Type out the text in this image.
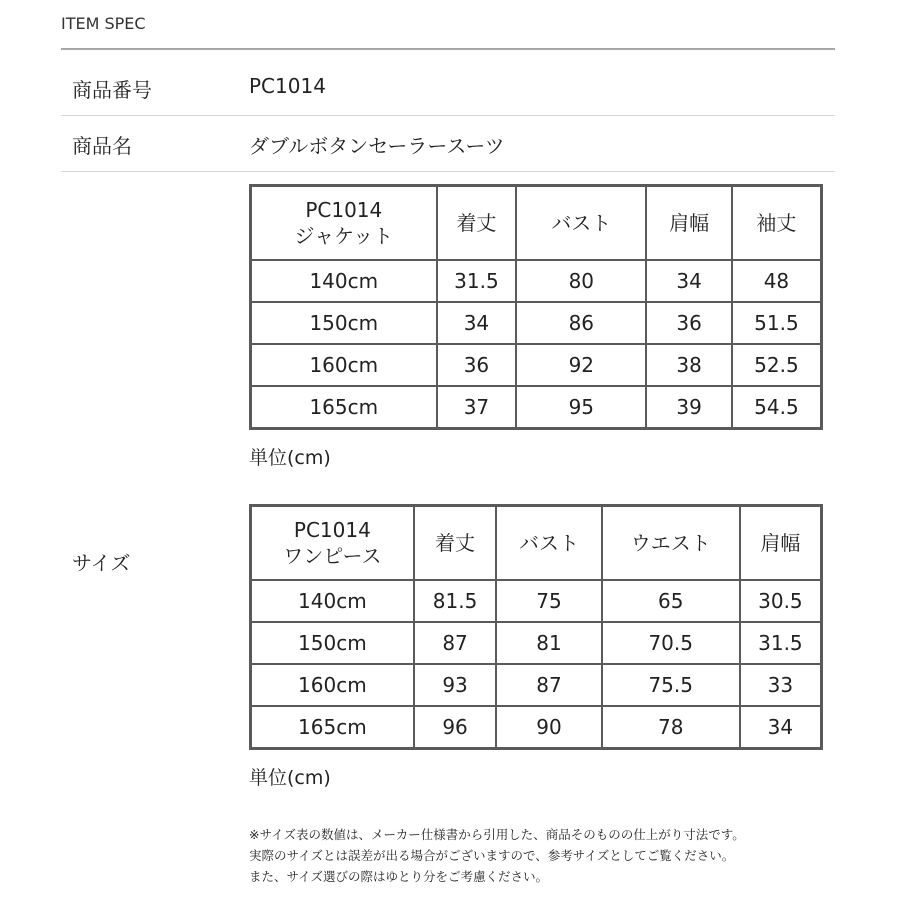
ITEM SPEC
商品番号	PC1014
商品名	ダブルボタンセーラースーツ
サイズ
PC1014
ジャケット	着丈	バスト	肩幅	袖丈
140cm	31.5	80	34	48
150cm	34	86	36	51.5
160cm	36	92	38	52.5
165cm	37	95	39	54.5
単位(cm)
PC1014
ワンピース	着丈	バスト	ウエスト	肩幅
140cm	81.5	75	65	30.5
150cm	87	81	70.5	31.5
160cm	93	87	75.5	33
165cm	96	90	78	34
単位(cm)
※サイズ表の数値は、メーカー仕様書から引用した、商品そのものの仕上がり寸法です。
実際のサイズとは誤差が出る場合がございますので、参考サイズとしてご覧ください。
また、サイズ選びの際はゆとり分をご考慮ください。
